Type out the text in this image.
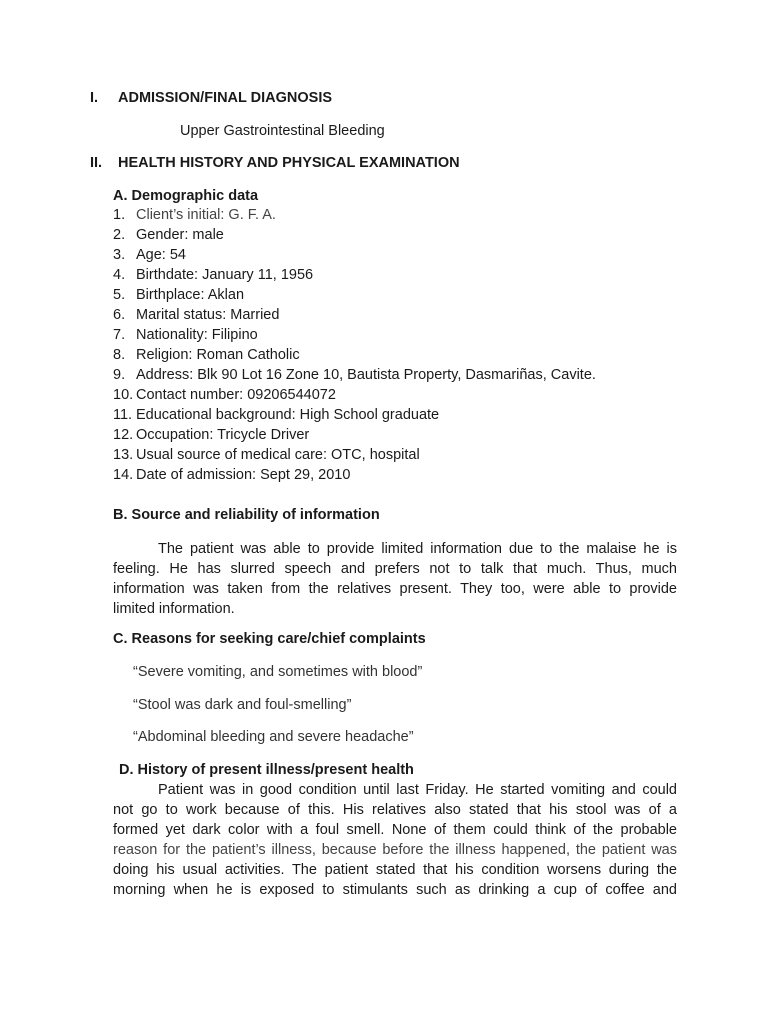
I. ADMISSION/FINAL DIAGNOSIS
Upper Gastrointestinal Bleeding
II. HEALTH HISTORY AND PHYSICAL EXAMINATION
A. Demographic data
1. Client’s initial: G. F. A.
2. Gender: male
3. Age: 54
4. Birthdate: January 11, 1956
5. Birthplace: Aklan
6. Marital status: Married
7. Nationality: Filipino
8. Religion: Roman Catholic
9. Address: Blk 90 Lot 16 Zone 10, Bautista Property, Dasmariñas, Cavite.
10. Contact number: 09206544072
11. Educational background: High School graduate
12. Occupation: Tricycle Driver
13. Usual source of medical care: OTC, hospital
14. Date of admission: Sept 29, 2010
B. Source and reliability of information
The patient was able to provide limited information due to the malaise he is
feeling. He has slurred speech and prefers not to talk that much. Thus, much
information was taken from the relatives present. They too, were able to provide
limited information.
C. Reasons for seeking care/chief complaints
“Severe vomiting, and sometimes with blood”
“Stool was dark and foul-smelling”
“Abdominal bleeding and severe headache”
D. History of present illness/present health
Patient was in good condition until last Friday. He started vomiting and could
not go to work because of this. His relatives also stated that his stool was of a
formed yet dark color with a foul smell. None of them could think of the probable
reason for the patient’s illness, because before the illness happened, the patient was
doing his usual activities. The patient stated that his condition worsens during the
morning when he is exposed to stimulants such as drinking a cup of coffee and
